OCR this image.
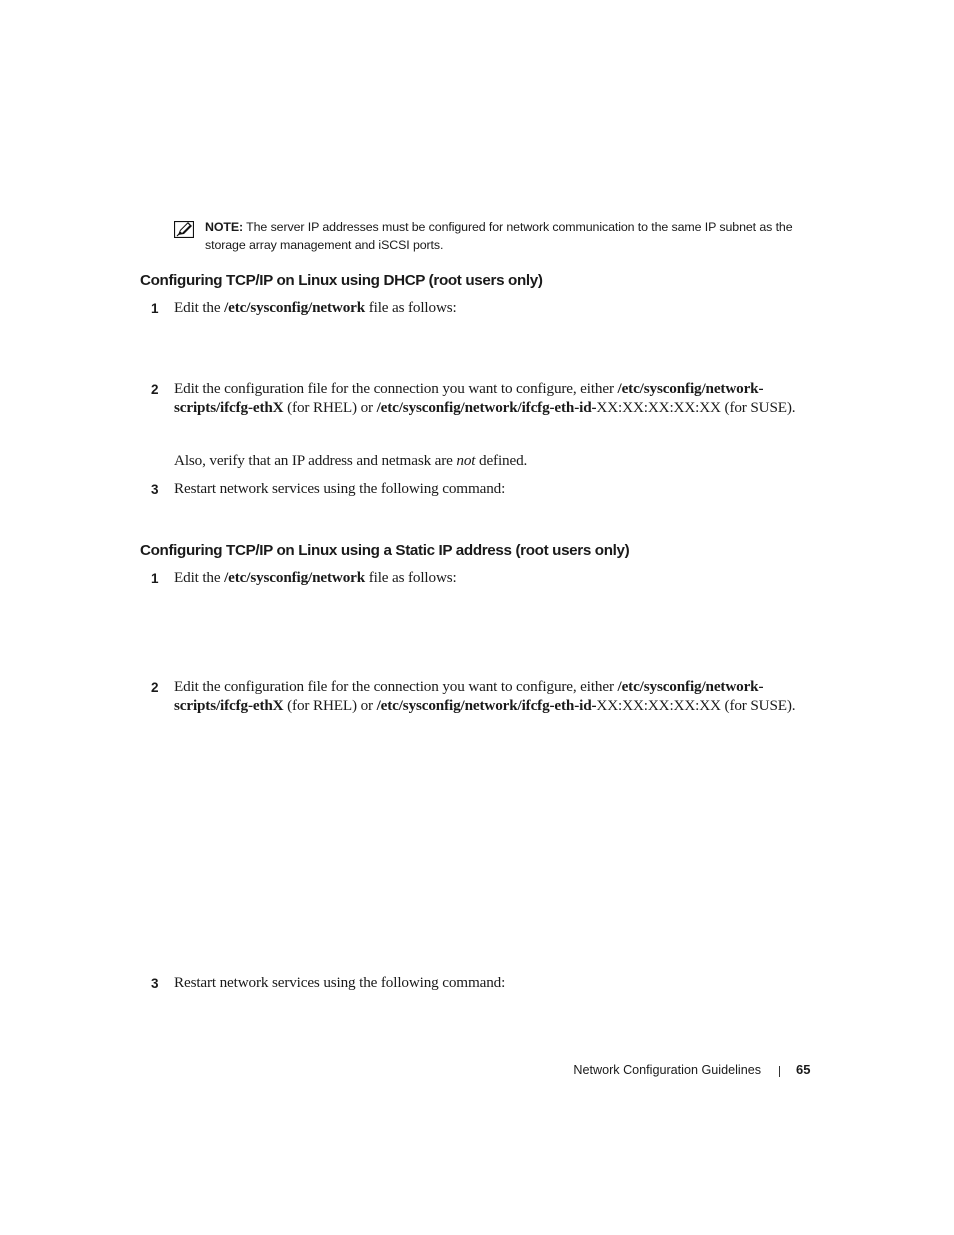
NOTE: The server IP addresses must be configured for network communication to the same IP subnet as the storage array management and iSCSI ports.
Configuring TCP/IP on Linux using DHCP (root users only)
1 Edit the /etc/sysconfig/network file as follows:
2 Edit the configuration file for the connection you want to configure, either /etc/sysconfig/network-
scripts/ifcfg-ethX (for RHEL) or /etc/sysconfig/network/ifcfg-eth-id-XX:XX:XX:XX:XX (for SUSE).
Also, verify that an IP address and netmask are not defined.
3 Restart network services using the following command:
Configuring TCP/IP on Linux using a Static IP address (root users only)
1 Edit the /etc/sysconfig/network file as follows:
2 Edit the configuration file for the connection you want to configure, either /etc/sysconfig/network-
scripts/ifcfg-ethX (for RHEL) or /etc/sysconfig/network/ifcfg-eth-id-XX:XX:XX:XX:XX (for SUSE).
3 Restart network services using the following command:
Network Configuration Guidelines	65
